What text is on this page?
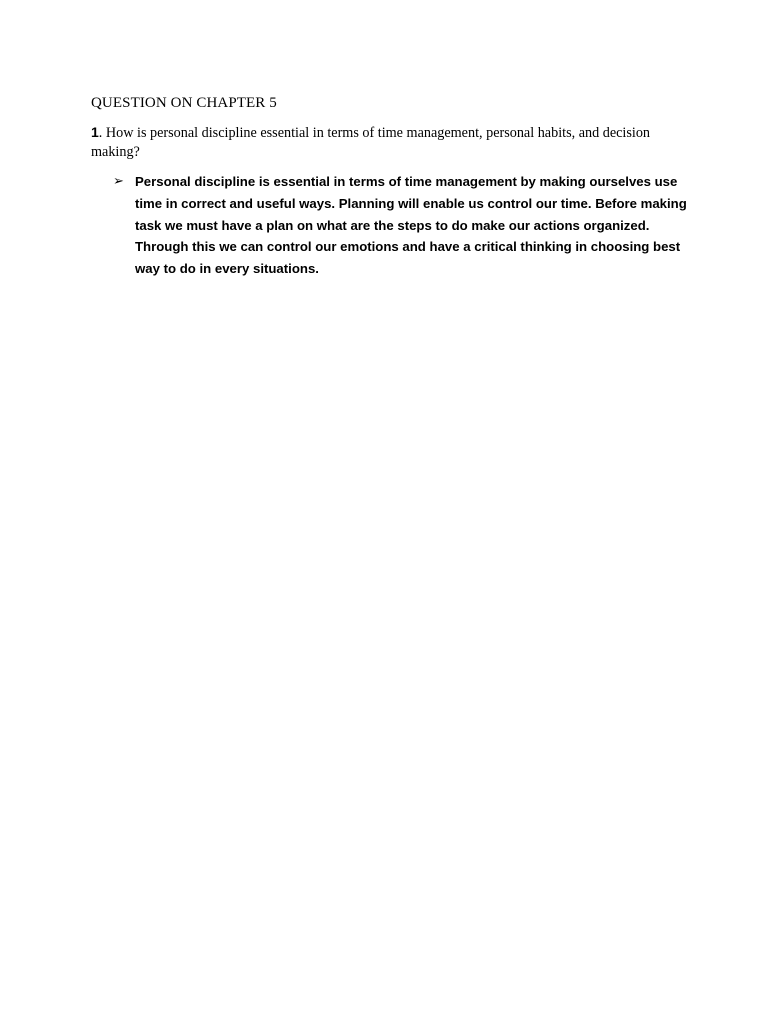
QUESTION ON CHAPTER 5
1. How is personal discipline essential in terms of time management, personal habits, and decision making?
➢ Personal discipline is essential in terms of time management by making ourselves use time in correct and useful ways. Planning will enable us control our time. Before making task we must have a plan on what are the steps to do make our actions organized. Through this we can control our emotions and have a critical thinking in choosing best way to do in every situations.
